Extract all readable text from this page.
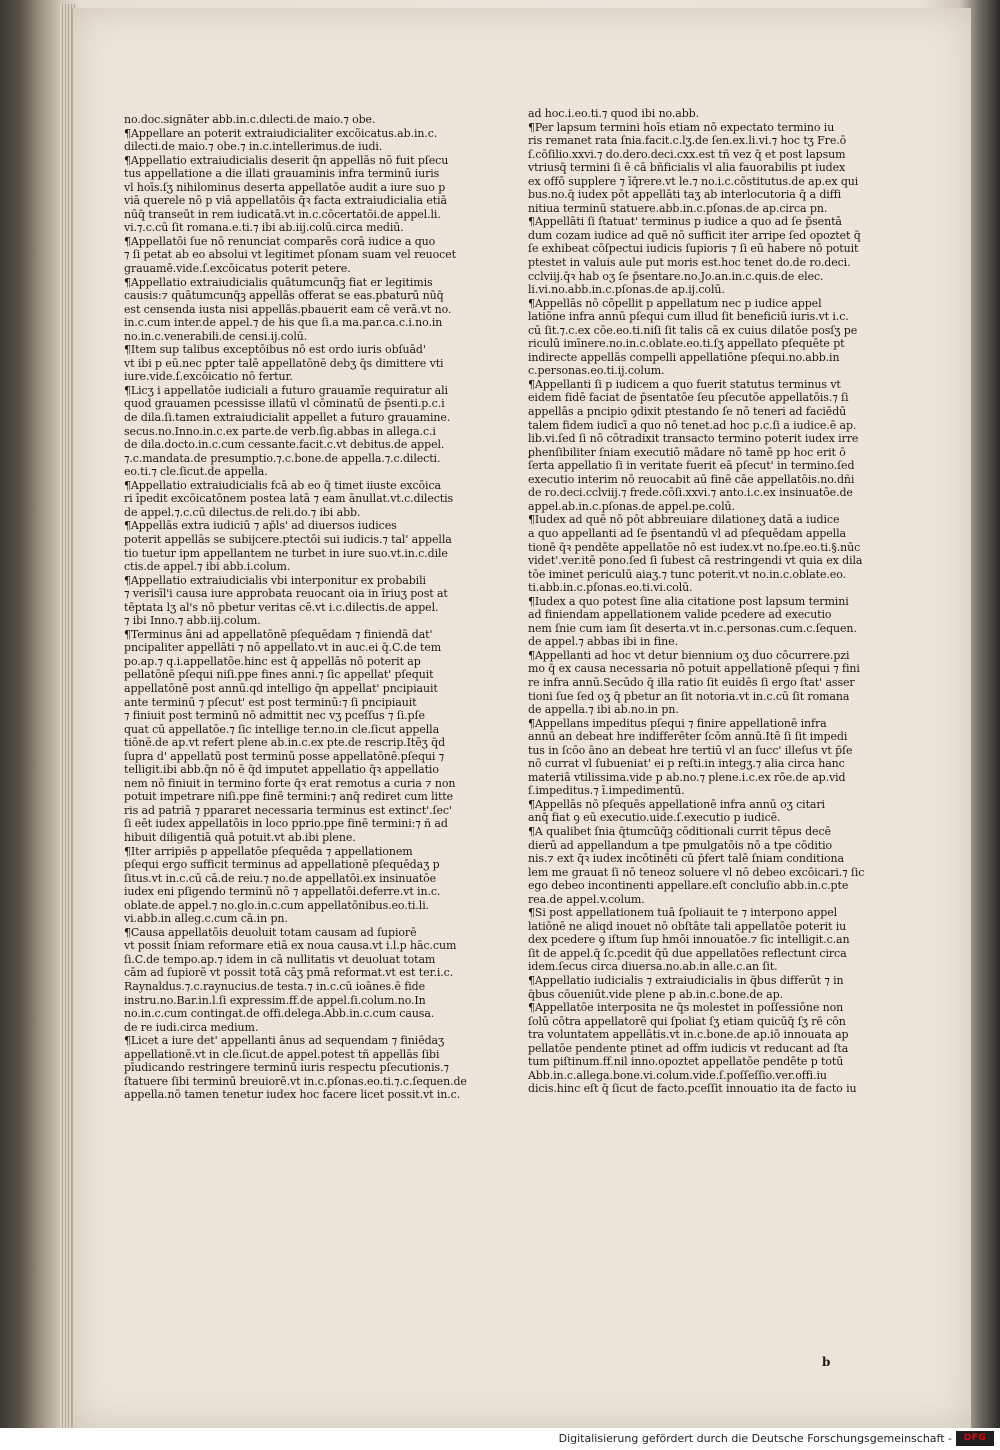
no.doc.signāter abb.in.c.dılecti.de maio.⁊ obe.
¶Appellare an poterit extraiudicialiter excõicatus.ab.in.c.
dilecti.de maio.⁊ obe.⁊ in.c.intellerimus.de iudi.
¶Appellatio extraiudicialis deserit̄ q̄n appellās nō fuit pſecu
tus appellatione a die illati grauaminis infra terminū iuris
vl̄ hoīs.ſʒ nihilominus deserta appellatōe audit a iure suo p
viā querele nō p viā appellatōis q̄ꝛ facta extraiudicialia etiā
nūq̄ transeūt in rem iudicatā.vt in.c.cōcertatōi.de appel.li.
vi.⁊.c.cū ſit romana.e.ti.⁊ ibi ab.iij.colū.circa mediū.
¶Appellatōi ſue nō renunciat comparēs corā iudice a quo
⁊ ſi petat ab eo absolui vt legitimet pſonam suam vel reuocet
grauamē.vide.ſ.excōicatus poterit petere.
¶Appellatio extraiudicialis quātumcunq̄ꝫ fiat er legitimis
causis:⁊ quātumcunq̄ꝫ appellās offerat se eas.pbaturū nūq̄
est censenda iusta nisi appellās.pbauerit eam cē verā.vt no.
in.c.cum inter.de appel.⁊ de his que ſi.a ma.par.ca.c.i.no.in
no.in.c.venerabili.de censi.ij.colū.
¶Item sup talibus exceptōibus nō est ordo iuris obſuād'
vt ibi p eū.nec pꝑter talē appellatōnē debʒ q̄s dimittere vti
iure.vide.ſ.excōicatio nō fertur.
¶Licʒ i appellatōe iudiciali a futuro grauamīe requiratur ali
quod grauamen pcessisse illatū vl̄ cōminatū de p̄senti.p.c.i
de dila.ſi.tamen extraiudicialit̄ appellet a futuro grauamine.
secus.no.Inno.in.c.ex parte.de verb.ſig.abbas in allega.c.i
de dila.docto.in.c.cum cessante.facit.c.vt debitus.de appel.
⁊.c.mandata.de presumptio.⁊.c.bone.de appella.⁊.c.dilecti.
eo.ti.⁊ cle.ſicut.de appella.
¶Appellatio extraiudicialis fcā ab eo q̄ timet iiuste excōica
ri īpedit excōicatōnem postea latā ⁊ eam ānullat.vt.c.dilectis
de appel.⁊.c.cū dilectus.de reli.do.⁊ ibi abb.
¶Appellās extra iudiciū ⁊ ap̄ls' ad diuersos iudices
poterit appellās se subijcere.ptectōi sui iudicis.⁊ tal' appella
tio tuetur ipm appellantem ne turbet in iure suo.vt.in.c.dile
ctis.de appel.⁊ ibi abb.i.colum.
¶Appellatio extraiudicialis vbi interponitur ex probabili
⁊ verisīl'i causa iure approbata reuocant oia in īriuʒ post at
tēptata lʒ al's nō pbetur veritas cē.vt i.c.dilectis.de appel.
⁊ ibi Inno.⁊ abb.iij.colum.
¶Terminus āni ad appellatōnē pſequēdam ⁊ finiendā dat'
pncipaliter appellāti ⁊ nō appellato.vt in auc.ei q̄.C.de tem
po.ap.⁊ q.i.appellatōe.hinc est q̄ appellās nō poterit ap
pellatōnē pſequi niſi.ppe fines anni.⁊ ſic appellat' pſequit̄
appellatōnē post annū.qd̄ intelligo q̄n appellat' pncipiauit
ante terminū ⁊ pſecut' est post terminū:⁊ ſi pncipiauit
⁊ finiuit post terminū nō admittit nec vʒ pceſſus ⁊ ſi.pſe
quat̄ cū appellatōe.⁊ ſic intellige ter.no.in cle.ſicut appella
tiōnē.de ap.vt refert plene ab.in.c.ex pte.de rescrip.Itēʒ q̄d
ſupra d' appellatū post terminū posse appellatōnē.pſequi ⁊
telligit.ibi abb.q̄n nō ē q̄d imputet appellatio q̄ꝛ appellatio
nem nō finiuit in termino forte q̄ꝛ erat remotus a curia ⁊ non
potuit impetrare niſi.ppe finē termini:⁊ anq̄ rediret cum litte
ris ad patriā ⁊ ppararet necessaria terminus est extinct'.ſec'
ſi eēt iudex appellatōis in loco pprio.ppe finē termini:⁊ ñ ad
hibuit diligentiā quā potuit.vt ab.ibi plene.
¶Iter arripiēs p appellatōe pſequēda ⁊ appellationem
pſequi ergo sufficit terminus ad appellationē pſequēdaʒ p
ſitus.vt in.c.cū cā.de reiu.⁊ no.de appellatōi.ex insinuatōe
iudex eni pſigendo terminū nō ⁊ appellatōi.deferre.vt in.c.
oblate.de appel.⁊ no.glo.in.c.cum appellatōnibus.eo.ti.li.
vi.abb.in alleg.c.cum cā.in pn.
¶Causa appellatōis deuoluit totam causam ad ſupiorē
vt possit ſniam reformare etiā ex noua causa.vt i.l.p hāc.cum
ſi.C.de tempo.ap.⁊ idem in cā nullitatis vt deuoluat totam
cām ad ſupiorē vt possit totā cāʒ pmā reformat.vt est ter.i.c.
Raynaldus.⁊.c.raynucius.de testa.⁊ in.c.cū ioānes.ē fide
instru.no.Bar.in.l.ſi expressim.ff.de appel.ſi.colum.no.In
no.in.c.cum contingat.de offi.delega.Abb.in.c.cum causa.
de re iudi.circa medium.
¶Licet a iure det' appellanti ānus ad sequendam ⁊ finiēdaʒ
appellationē.vt in cle.ſicut.de appel.potest tñ appellās ſibi
pīudicando restringere terminū iuris respectu pſecutionis.⁊
ſtatuere ſibi terminū breuiorē.vt in.c.pſonas.eo.ti.⁊.c.ſequen.de
appella.nō tamen tenetur iudex hoc facere licet possit.vt in.c.
ad hoc.i.eo.ti.⁊ quod ibi no.abb.
¶Per lapsum termini hoīs etiam nō expectato termino iu
ris remanet rata ſnia.facit.c.lʒ.de ſen.ex.li.vi.⁊ hoc tʒ Fre.ō
ſ.cōſilio.xxvi.⁊ do.dero.deci.cxx.est tñ vez q̄ et post lapsum
vtriusq̄ termini ſi ē cā bñficialis vl̄ alia fauorabilis pt iudex
ex offō supplere ⁊ īq̄rere.vt le.⁊ no.i.c.cōstitutus.de ap.ex qui
bus.no.q̄ iudex pōt appellāti taʒ ab interlocutoria q̄ a diffi
nitiua terminū statuere.abb.in.c.pſonas.de ap.circa pn.
¶Appellāti ſi ſtatuat' terminus p iudice a quo ad ſe p̄sentā
dum cozam iudice ad quē nō sufficit iter arripe ſed opoztet q̄
ſe exhibeat cōſpectui iudicis ſupioris ⁊ ſi eū habere nō potuit
ptestet in valuis aule put moris est.hoc tenet do.de ro.deci.
cclviij.q̄ꝛ hab oʒ ſe p̄sentare.no.Jo.an.in.c.quis.de elec.
li.vi.no.abb.in.c.pſonas.de ap.ij.colū.
¶Appellās nō cōpellit̄ p appellatum nec p iudice appel
latiōne infra annū pſequi cum illud ſit beneficiū iuris.vt i.c.
cū ſit.⁊.c.ex cōe.eo.ti.niſi ſit talis cā ex cuius dilatōe posſʒ pe
riculū imīnere.no.in.c.oblate.eo.ti.ſʒ appellato pſequēte pt
indirecte appellās compelli appellatiōne pſequi.no.abb.in
c.personas.eo.ti.ij.colum.
¶Appellanti ſi p iudicem a quo fuerit statutus terminus vt
eidem fidē faciat de p̄sentatōe ſeu pſecutōe appellatōis.⁊ ſi
appellās a pncipio ꝯdixit ptestando ſe nō teneri ad faciēdū
talem fidem iudicī a quo nō tenet.ad hoc p.c.ſi a iudice.ē ap.
lib.vi.ſed ſi nō cōtradixit transacto termino poterit iudex irre
ꝑhenſibiliter ſniam executiō mādare nō tamē pp hoc erit ō
ſerta appellatio ſi in veritate fuerit eā pſecut' in termino.ſed
executio interim nō reuocabit aū finē cāe appellatōis.no.dñi
de ro.deci.cclviij.⁊ frede.cōſi.xxvi.⁊ anto.i.c.ex insinuatōe.de
appel.ab.in.c.pſonas.de appel.pe.colū.
¶Iudex ad quē nō pōt abbreuiare dilationeʒ datā a iudice
a quo appellanti ad ſe p̄sentandū vl̄ ad pſequēdam appella
tionē q̄ꝛ pendēte appellatōe nō est iudex.vt no.ſpe.eo.ti.§.nūc
videt'.ver.itē pono.ſed ſi ſubest cā restringendi vt quia ex dila
tōe iminet periculū aiaʒ.⁊ tunc poterit.vt no.in.c.oblate.eo.
ti.abb.in.c.pſonas.eo.ti.vi.colū.
¶Iudex a quo potest ſine alia citatione post lapsum termini
ad finiendam appellationem valide pcedere ad executio
nem ſnie cum iam ſit deserta.vt in.c.personas.cum.c.ſequen.
de appel.⁊ abbas ibi in fine.
¶Appellanti ad hoc vt detur biennium oʒ duo cōcurrere.pzi
mo q̄ ex causa necessaria nō potuit appellationē pſequi ⁊ fini
re infra annū.Secūdo q̄ illa ratio ſit euidēs ſi ergo ſtat' asser
tioni ſue ſed oʒ q̄ pbetur an ſit notoria.vt in.c.cū ſit romana
de appella.⁊ ibi ab.no.in pn.
¶Appellans impeditus pſequi ⁊ finire appellationē infra
annū an debeat h̄re indifferēter ſcōm annū.Itē ſi ſit impedi
tus in ſcōo āno an debeat h̄re tertiū vl̄ an ſucc' illeſus vt p̄ſe
nō currat vl̄ ſubueniat' ei p reſti.in integʒ.⁊ alia circa hanc
materiā vtilissima.vide p ab.no.⁊ plene.i.c.ex rōe.de ap.vid
ſ.impeditus.⁊ ī.impedimentū.
¶Appellās nō pſequēs appellationē infra annū oʒ citari
anq̄ fiat ꝯ eū executio.uide.ſ.executio p iudicē.
¶A qualibet ſnia q̄tumcūq̄ꝫ cōditionali currit tēpus decē
dierū ad appellandum a tpe pmulgatōis nō a tpe cōditio
nis.⁊ ext q̄ꝛ iudex incōtinēti cū p̄fert talē ſniam conditiona
lem me grauat ſi nō teneoz soluere vl̄ nō debeo excōicari.⁊ ſic
ego debeo incontinenti appellare.eſt concluſio abb.in.c.pte
rea.de appel.v.colum.
¶Si post appellationem tuā ſpoliauit te ⁊ interpono appel
latiōnē ne aliqd̄ inouet nō obſtāte tali appellatōe poterit iu
dex pcedere ꝯ iſtum ſup hmōi innouatōe.⁊ ſic intelligit.c.an
ſit de appel.q̄ ſc.pcedit q̄ū due appellatōes reflectunt circa
idem.ſecus circa diuersa.no.ab.in alle.c.an ſit.
¶Appellatio iudicialis ⁊ extraiudicialis in q̄bus differūt ⁊ in
q̄bus cōueniūt.vide plene p ab.in.c.bone.de ap.
¶Appellatōe interposita ne q̄s molestet in poſſessiōne non
ſolū cōtra appellatorē qui ſpoliat ſʒ etiam quicūq̄ ſʒ rē cōn
tra voluntatem appellātis.vt in.c.bone.de ap.iō innouata ap
pellatōe pendente ptinet ad offm iudicis vt reducant ad ſta
tum piſtinum.ff.nil inno.opoztet appellatōe pendēte p totū
Abb.in.c.allega.bone.vi.colum.vide.ſ.poſſeſſio.ver.offi.iu
dicis.hinc eſt q̄ ſicut de facto.pceſſit innouatio ita de facto iu
b
Digitalisierung gefördert durch die Deutsche Forschungsgemeinschaft -	DFG
